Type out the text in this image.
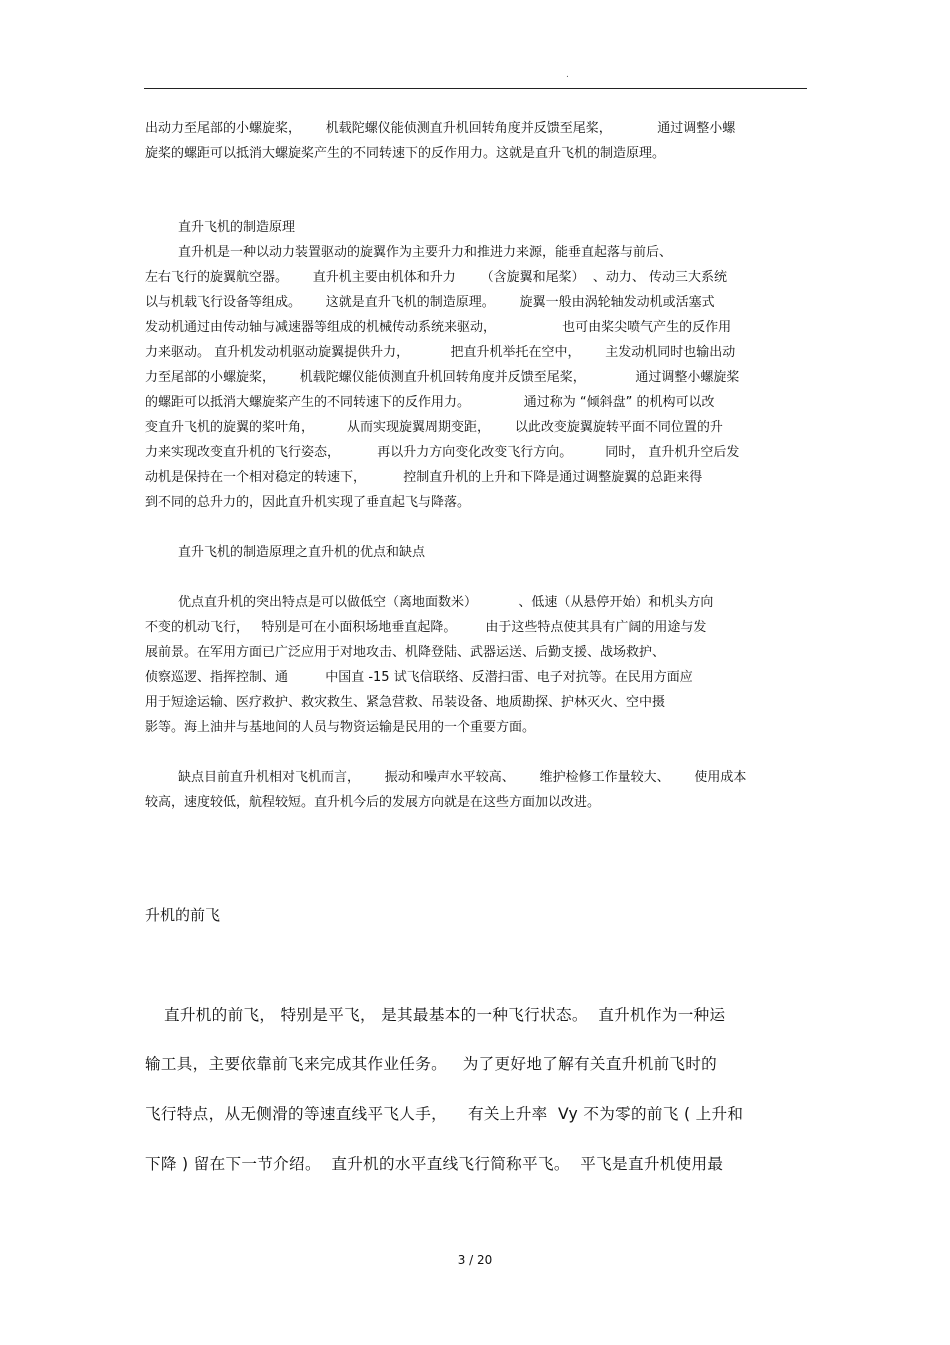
.
出动力至尾部的小螺旋桨，      机载陀螺仪能侦测直升机回转角度并反馈至尾桨，           通过调整小螺
旋桨的螺距可以抵消大螺旋桨产生的不同转速下的反作用力。这就是直升飞机的制造原理。
直升飞机的制造原理
直升机是一种以动力装置驱动的旋翼作为主要升力和推进力来源，能垂直起落与前后、
左右飞行的旋翼航空器。      直升机主要由机体和升力      （含旋翼和尾桨）  、动力、 传动三大系统
以与机载飞行设备等组成。      这就是直升飞机的制造原理。      旋翼一般由涡轮轴发动机或活塞式
发动机通过由传动轴与减速器等组成的机械传动系统来驱动，                也可由桨尖喷气产生的反作用
力来驱动。 直升机发动机驱动旋翼提供升力，          把直升机举托在空中，      主发动机同时也输出动
力至尾部的小螺旋桨，      机载陀螺仪能侦测直升机回转角度并反馈至尾桨，            通过调整小螺旋桨
的螺距可以抵消大螺旋桨产生的不同转速下的反作用力。             通过称为 “倾斜盘” 的机构可以改
变直升飞机的旋翼的桨叶角，        从而实现旋翼周期变距，      以此改变旋翼旋转平面不同位置的升
力来实现改变直升机的飞行姿态，         再以升力方向变化改变飞行方向。        同时， 直升机升空后发
动机是保持在一个相对稳定的转速下，         控制直升机的上升和下降是通过调整旋翼的总距来得
到不同的总升力的，因此直升机实现了垂直起飞与降落。
直升飞机的制造原理之直升机的优点和缺点
优点直升机的突出特点是可以做低空（离地面数米）          、低速（从悬停开始）和机头方向
不变的机动飞行，   特别是可在小面积场地垂直起降。       由于这些特点使其具有广阔的用途与发
展前景。在军用方面已广泛应用于对地攻击、机降登陆、武器运送、后勤支援、战场救护、
侦察巡逻、指挥控制、通         中国直 -15 试飞信联络、反潜扫雷、电子对抗等。在民用方面应
用于短途运输、医疗救护、救灾救生、紧急营救、吊装设备、地质勘探、护林灭火、空中摄
影等。海上油井与基地间的人员与物资运输是民用的一个重要方面。
缺点目前直升机相对飞机而言，      振动和噪声水平较高、      维护检修工作量较大、      使用成本
较高，速度较低，航程较短。直升机今后的发展方向就是在这些方面加以改进。
升机的前飞
直升机的前飞， 特别是平飞， 是其最基本的一种飞行状态。  直升机作为一种运
输工具，主要依靠前飞来完成其作业任务。   为了更好地了解有关直升机前飞时的
飞行特点，从无侧滑的等速直线平飞人手，    有关上升率  Vy 不为零的前飞 ( 上升和
下降 ) 留在下一节介绍。  直升机的水平直线飞行简称平飞。  平飞是直升机使用最
3 / 20
